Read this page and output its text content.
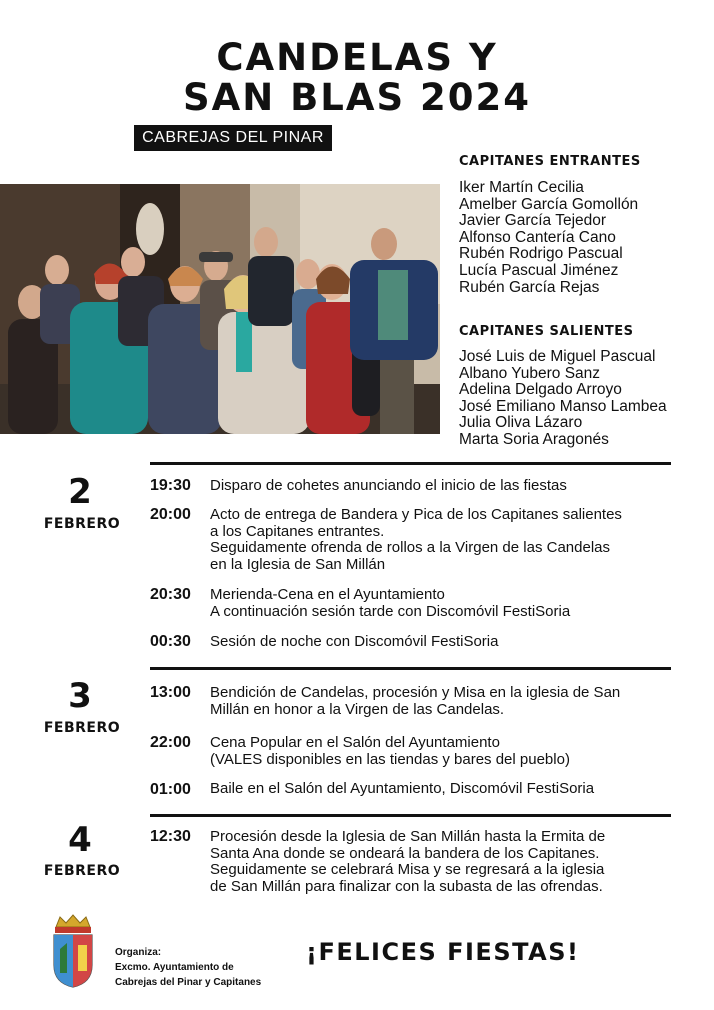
CANDELAS Y
SAN BLAS 2024
CABREJAS DEL PINAR
CAPITANES ENTRANTES
Iker Martín Cecilia
Amelber García Gomollón
Javier García Tejedor
Alfonso Cantería Cano
Rubén Rodrigo Pascual
Lucía Pascual Jiménez
Rubén García Rejas
CAPITANES SALIENTES
José Luis de Miguel Pascual
Albano Yubero Sanz
Adelina Delgado Arroyo
José Emiliano Manso Lambea
Julia Oliva Lázaro
Marta Soria Aragonés
2
FEBRERO
19:30 Disparo de cohetes anunciando el inicio de las fiestas
20:00 Acto de entrega de Bandera y Pica de los Capitanes salientes
a los Capitanes entrantes.
Seguidamente ofrenda de rollos a la Virgen de las Candelas
en la Iglesia de San Millán
20:30 Merienda-Cena en el Ayuntamiento
A continuación sesión tarde con Discomóvil FestiSoria
00:30 Sesión de noche con Discomóvil FestiSoria
3
FEBRERO
13:00 Bendición de Candelas, procesión y Misa en la iglesia de San
Millán en honor a la Virgen de las Candelas.
22:00 Cena Popular en el Salón del Ayuntamiento
(VALES disponibles en las tiendas y bares del pueblo)
01:00 Baile en el Salón del Ayuntamiento, Discomóvil FestiSoria
4
FEBRERO
12:30 Procesión desde la Iglesia de San Millán hasta la Ermita de
Santa Ana donde se ondeará la bandera de los Capitanes.
Seguidamente se celebrará Misa y se regresará a la iglesia
de San Millán para finalizar con la subasta de las ofrendas.
Organiza:
Excmo. Ayuntamiento de
Cabrejas del Pinar y Capitanes
¡FELICES FIESTAS!
